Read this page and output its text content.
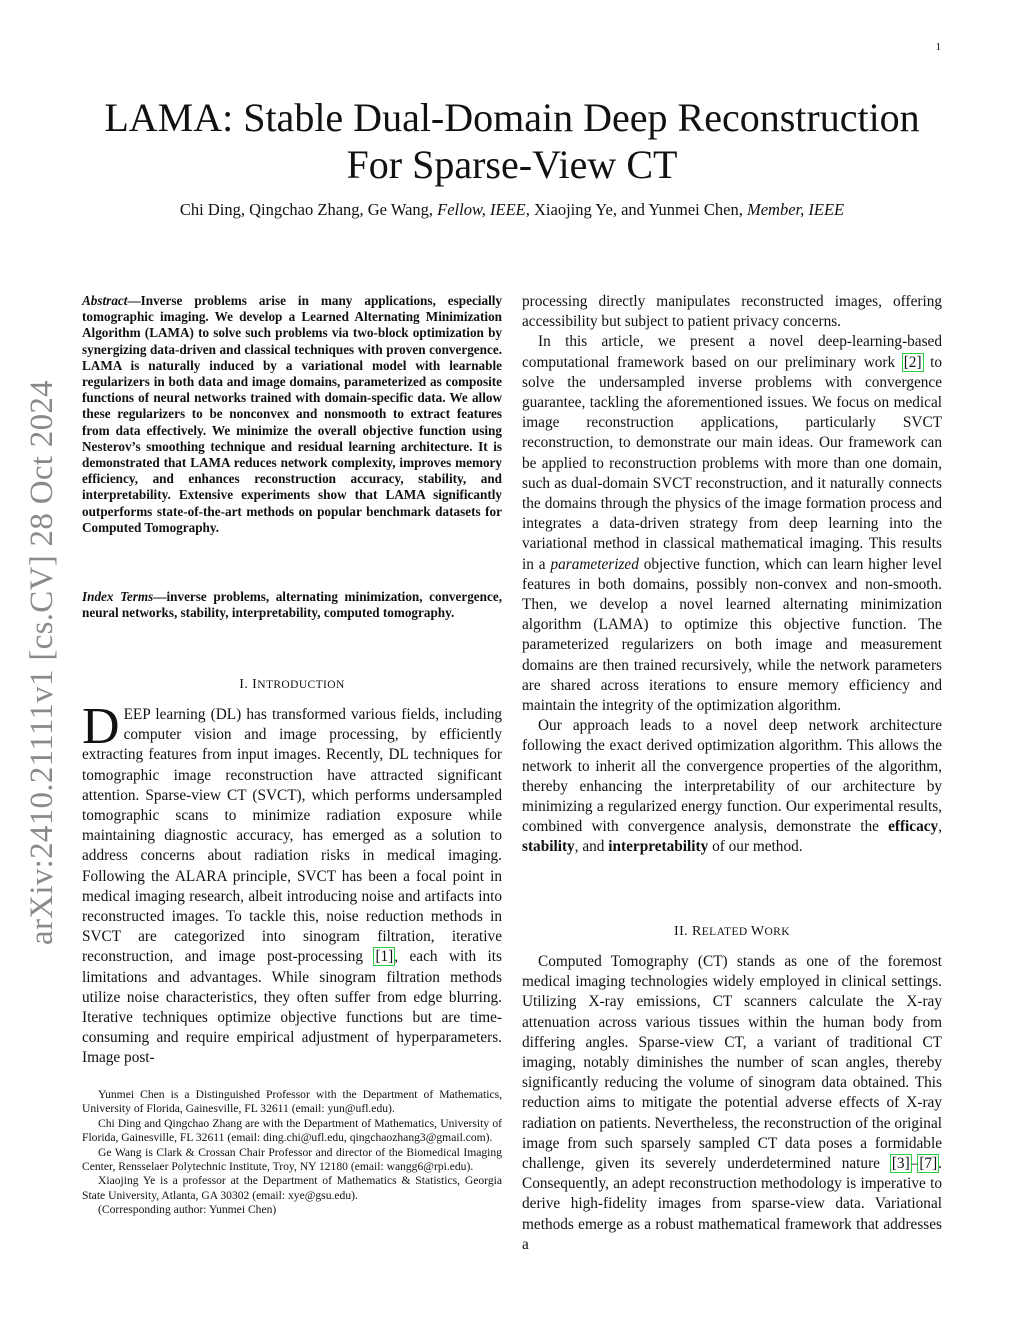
1
arXiv:2410.21111v1 [cs.CV] 28 Oct 2024
LAMA: Stable Dual-Domain Deep Reconstruction
For Sparse-View CT
Chi Ding, Qingchao Zhang, Ge Wang, Fellow, IEEE, Xiaojing Ye, and Yunmei Chen, Member, IEEE
Abstract—Inverse problems arise in many applications, especially tomographic imaging. We develop a Learned Alternating Minimization Algorithm (LAMA) to solve such problems via two-block optimization by synergizing data-driven and classical techniques with proven convergence. LAMA is naturally induced by a variational model with learnable regularizers in both data and image domains, parameterized as composite functions of neural networks trained with domain-specific data. We allow these regularizers to be nonconvex and nonsmooth to extract features from data effectively. We minimize the overall objective function using Nesterov’s smoothing technique and residual learning architecture. It is demonstrated that LAMA reduces network complexity, improves memory efficiency, and enhances reconstruction accuracy, stability, and interpretability. Extensive experiments show that LAMA significantly outperforms state-of-the-art methods on popular benchmark datasets for Computed Tomography.
Index Terms—inverse problems, alternating minimization, convergence, neural networks, stability, interpretability, computed tomography.
I. INTRODUCTION

DEEP learning (DL) has transformed various fields, including computer vision and image processing, by efficiently extracting features from input images. Recently, DL techniques for tomographic image reconstruction have attracted significant attention. Sparse-view CT (SVCT), which performs undersampled tomographic scans to minimize radiation exposure while maintaining diagnostic accuracy, has emerged as a solution to address concerns about radiation risks in medical imaging. Following the ALARA principle, SVCT has been a focal point in medical imaging research, albeit introducing noise and artifacts into reconstructed images. To tackle this, noise reduction methods in SVCT are categorized into sinogram filtration, iterative reconstruction, and image post-processing [1], each with its limitations and advantages. While sinogram filtration methods utilize noise characteristics, they often suffer from edge blurring. Iterative techniques optimize objective functions but are time-consuming and require empirical adjustment of hyperparameters. Image post-

Yunmei Chen is a Distinguished Professor with the Department of Mathematics, University of Florida, Gainesville, FL 32611 (email: yun@ufl.edu).

Chi Ding and Qingchao Zhang are with the Department of Mathematics, University of Florida, Gainesville, FL 32611 (email: ding.chi@ufl.edu, qingchaozhang3@gmail.com).

Ge Wang is Clark & Crossan Chair Professor and director of the Biomedical Imaging Center, Rensselaer Polytechnic Institute, Troy, NY 12180 (email: wangg6@rpi.edu).

Xiaojing Ye is a professor at the Department of Mathematics & Statistics, Georgia State University, Atlanta, GA 30302 (email: xye@gsu.edu).

(Corresponding author: Yunmei Chen)

processing directly manipulates reconstructed images, offering accessibility but subject to patient privacy concerns.

In this article, we present a novel deep-learning-based computational framework based on our preliminary work [2] to solve the undersampled inverse problems with convergence guarantee, tackling the aforementioned issues. We focus on medical image reconstruction applications, particularly SVCT reconstruction, to demonstrate our main ideas. Our framework can be applied to reconstruction problems with more than one domain, such as dual-domain SVCT reconstruction, and it naturally connects the domains through the physics of the image formation process and integrates a data-driven strategy from deep learning into the variational method in classical mathematical imaging. This results in a parameterized objective function, which can learn higher level features in both domains, possibly non-convex and non-smooth. Then, we develop a novel learned alternating minimization algorithm (LAMA) to optimize this objective function. The parameterized regularizers on both image and measurement domains are then trained recursively, while the network parameters are shared across iterations to ensure memory efficiency and maintain the integrity of the optimization algorithm.

Our approach leads to a novel deep network architecture following the exact derived optimization algorithm. This allows the network to inherit all the convergence properties of the algorithm, thereby enhancing the interpretability of our architecture by minimizing a regularized energy function. Our experimental results, combined with convergence analysis, demonstrate the efficacy, stability, and interpretability of our method.

II. RELATED WORK

Computed Tomography (CT) stands as one of the foremost medical imaging technologies widely employed in clinical settings. Utilizing X-ray emissions, CT scanners calculate the X-ray attenuation across various tissues within the human body from differing angles. Sparse-view CT, a variant of traditional CT imaging, notably diminishes the number of scan angles, thereby significantly reducing the volume of sinogram data obtained. This reduction aims to mitigate the potential adverse effects of X-ray radiation on patients. Nevertheless, the reconstruction of the original image from such sparsely sampled CT data poses a formidable challenge, given its severely underdetermined nature [3]–[7]. Consequently, an adept reconstruction methodology is imperative to derive high-fidelity images from sparse-view data. Variational methods emerge as a robust mathematical framework that addresses a
